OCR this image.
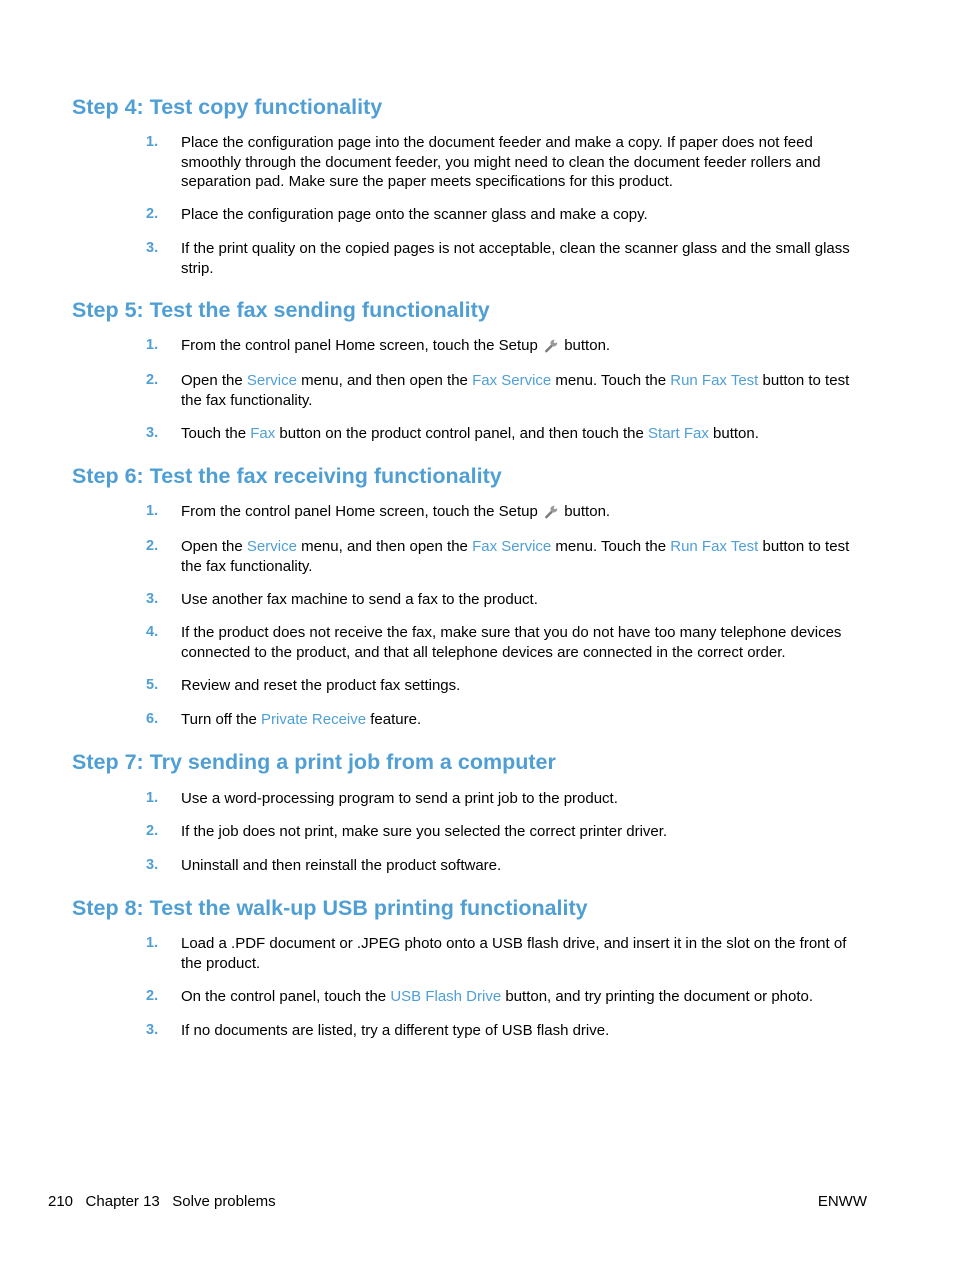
Step 4: Test copy functionality
1. Place the configuration page into the document feeder and make a copy. If paper does not feed smoothly through the document feeder, you might need to clean the document feeder rollers and separation pad. Make sure the paper meets specifications for this product.
2. Place the configuration page onto the scanner glass and make a copy.
3. If the print quality on the copied pages is not acceptable, clean the scanner glass and the small glass strip.
Step 5: Test the fax sending functionality
1. From the control panel Home screen, touch the Setup button.
2. Open the Service menu, and then open the Fax Service menu. Touch the Run Fax Test button to test the fax functionality.
3. Touch the Fax button on the product control panel, and then touch the Start Fax button.
Step 6: Test the fax receiving functionality
1. From the control panel Home screen, touch the Setup button.
2. Open the Service menu, and then open the Fax Service menu. Touch the Run Fax Test button to test the fax functionality.
3. Use another fax machine to send a fax to the product.
4. If the product does not receive the fax, make sure that you do not have too many telephone devices connected to the product, and that all telephone devices are connected in the correct order.
5. Review and reset the product fax settings.
6. Turn off the Private Receive feature.
Step 7: Try sending a print job from a computer
1. Use a word-processing program to send a print job to the product.
2. If the job does not print, make sure you selected the correct printer driver.
3. Uninstall and then reinstall the product software.
Step 8: Test the walk-up USB printing functionality
1. Load a .PDF document or .JPEG photo onto a USB flash drive, and insert it in the slot on the front of the product.
2. On the control panel, touch the USB Flash Drive button, and try printing the document or photo.
3. If no documents are listed, try a different type of USB flash drive.
210 Chapter 13 Solve problems	ENWW
